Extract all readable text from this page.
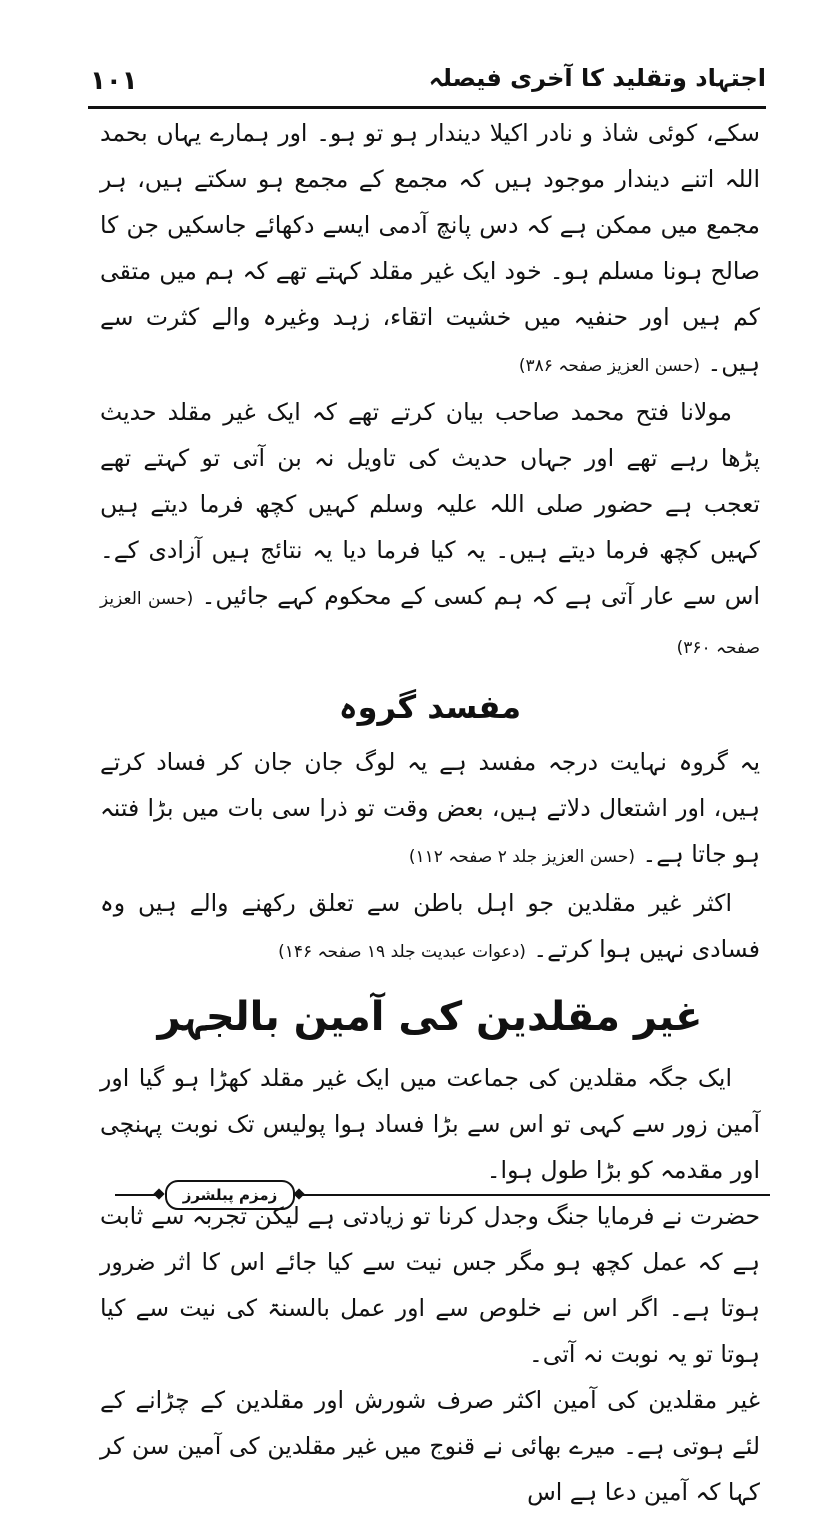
۱۰۱	اجتہاد وتقلید کا آخری فیصلہ

سکے، کوئی شاذ و نادر اکیلا دیندار ہو تو ہو۔ اور ہمارے یہاں بحمد اللہ اتنے دیندار موجود ہیں کہ مجمع کے مجمع ہو سکتے ہیں، ہر مجمع میں ممکن ہے کہ دس پانچ آدمی ایسے دکھائے جاسکیں جن کا صالح ہونا مسلم ہو۔ خود ایک غیر مقلد کہتے تھے کہ ہم میں متقی کم ہیں اور حنفیہ میں خشیت اتقاء، زہد وغیرہ والے کثرت سے ہیں۔ (حسن العزیز صفحہ ۳۸۶)

مولانا فتح محمد صاحب بیان کرتے تھے کہ ایک غیر مقلد حدیث پڑھا رہے تھے اور جہاں حدیث کی تاویل نہ بن آتی تو کہتے تھے تعجب ہے حضور صلی اللہ علیہ وسلم کہیں کچھ فرما دیتے ہیں کہیں کچھ فرما دیتے ہیں۔ یہ کیا فرما دیا یہ نتائج ہیں آزادی کے۔ اس سے عار آتی ہے کہ ہم کسی کے محکوم کہے جائیں۔ (حسن العزیز صفحہ ۳۶۰)

مفسد گروہ

یہ گروہ نہایت درجہ مفسد ہے یہ لوگ جان جان کر فساد کرتے ہیں، اور اشتعال دلاتے ہیں، بعض وقت تو ذرا سی بات میں بڑا فتنہ ہو جاتا ہے۔ (حسن العزیز جلد ۲ صفحہ ۱۱۲)

اکثر غیر مقلدین جو اہل باطن سے تعلق رکھنے والے ہیں وہ فسادی نہیں ہوا کرتے۔ (دعوات عبدیت جلد ۱۹ صفحہ ۱۴۶)

غیر مقلدین کی آمین بالجہر

ایک جگہ مقلدین کی جماعت میں ایک غیر مقلد کھڑا ہو گیا اور آمین زور سے کہی تو اس سے بڑا فساد ہوا پولیس تک نوبت پہنچی اور مقدمہ کو بڑا طول ہوا۔

حضرت نے فرمایا جنگ وجدل کرنا تو زیادتی ہے لیکن تجربہ سے ثابت ہے کہ عمل کچھ ہو مگر جس نیت سے کیا جائے اس کا اثر ضرور ہوتا ہے۔ اگر اس نے خلوص سے اور عمل بالسنۃ کی نیت سے کیا ہوتا تو یہ نوبت نہ آتی۔

غیر مقلدین کی آمین اکثر صرف شورش اور مقلدین کے چڑانے کے لئے ہوتی ہے۔ میرے بھائی نے قنوج میں غیر مقلدین کی آمین سن کر کہا کہ آمین دعا ہے اس

زمزم پبلشرز
